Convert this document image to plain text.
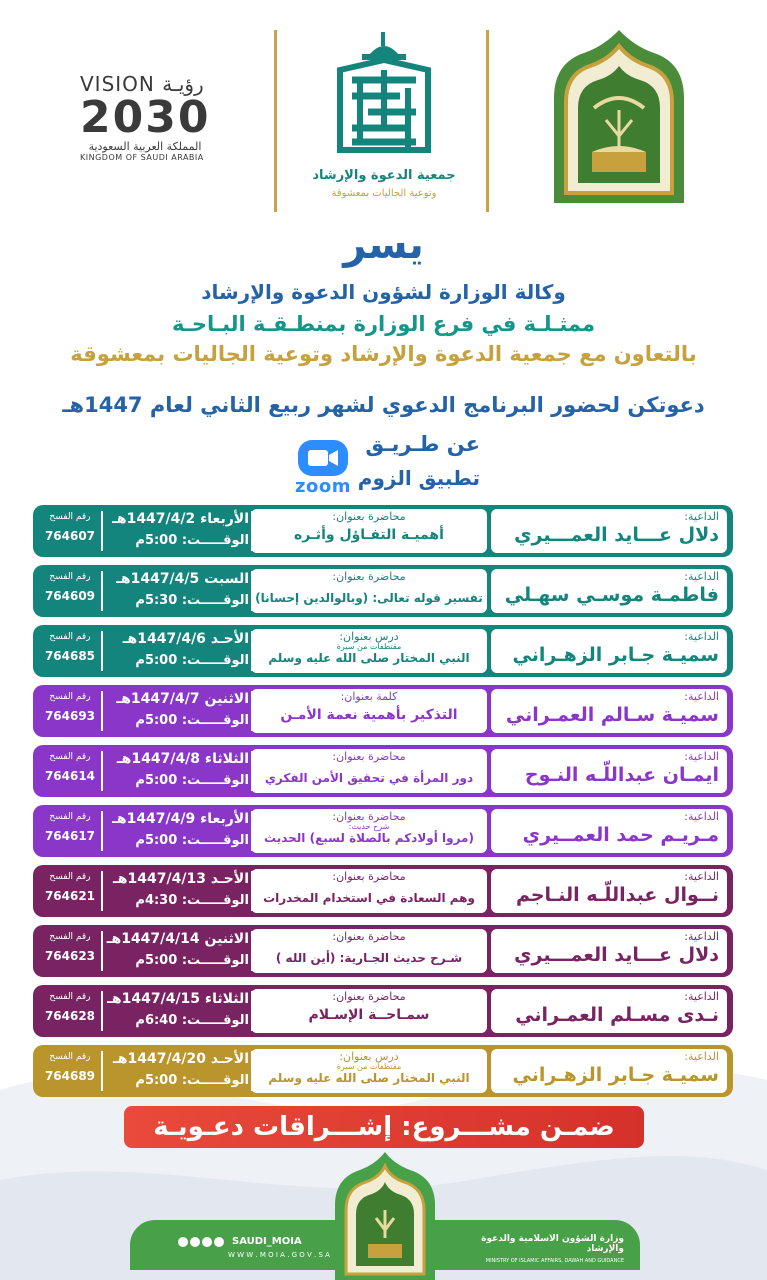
VISION رؤيـة
2030
المملكة العربية السعودية
KINGDOM OF SAUDI ARABIA
جمعية الدعوة والإرشاد
وتوعية الجاليات بمعشوقة
يسر
وكالة الوزارة لشؤون الدعوة والإرشاد
ممثـلـة في فرع الوزارة بمنطـقـة البـاحـة
بالتعاون مع جمعية الدعوة والإرشاد وتوعية الجاليات بمعشوقة
دعوتكن لحضور البرنامج الدعوي لشهر ربيع الثاني لعام 1447هـ
عن طـريـق
تطبيق الزوم
zoom
الداعية:
دلال عـــايد العمـــيري
محاضرة بعنوان:
أهميـة التفـاؤل وأثـره
الأربعاء 1447/4/2هـ
الوقـــــت: 5:00م
رقم الفسح
764607
الداعية:
فاطمـة موسـي سهـلي
محاضرة بعنوان:
تفسير قوله تعالى: (وبالوالدين إحسانا)
السبت 1447/4/5هـ
الوقـــــت: 5:30م
رقم الفسح
764609
الداعية:
سميـة جـابر الزهـراني
درس بعنوان:
مقتطفات من سيرة
النبي المختار صلى الله عليه وسلم
الأحـد 1447/4/6هـ
الوقـــــت: 5:00م
رقم الفسح
764685
الداعية:
سميـة سـالم العمـراني
كلمة بعنوان:
التذكير بأهمية نعمة الأمـن
الاثنين 1447/4/7هـ
الوقـــــت: 5:00م
رقم الفسح
764693
الداعية:
ايمـان عبداللّـه النـوح
محاضرة بعنوان:
دور المرأة في تحقيق الأمن الفكري
الثلاثاء 1447/4/8هـ
الوقـــــت: 5:00م
رقم الفسح
764614
الداعية:
مـريـم حمد العمــيري
محاضرة بعنوان:
شرح حديث:
(مروا أولادكم بالصلاة لسبع) الحديث
الأربعاء 1447/4/9هـ
الوقـــــت: 5:00م
رقم الفسح
764617
الداعية:
نــوال عبداللّـه النـاجم
محاضرة بعنوان:
وهم السعادة في استخدام المخدرات
الأحـد 1447/4/13هـ
الوقـــــت: 4:30م
رقم الفسح
764621
الداعية:
دلال عـــايد العمـــيري
محاضرة بعنوان:
شـرح حديث الجـارية: (أين الله )
الاثنين 1447/4/14هـ
الوقـــــت: 5:00م
رقم الفسح
764623
الداعية:
نـدى مسـلم العمـراني
محاضرة بعنوان:
سمـاحــة الإسـلام
الثلاثاء 1447/4/15هـ
الوقـــــت: 6:40م
رقم الفسح
764628
الداعية:
سميـة جـابر الزهـراني
درس بعنوان:
مقتطفات من سيرة
النبي المختار صلى الله عليه وسلم
الأحـد 1447/4/20هـ
الوقـــــت: 5:00م
رقم الفسح
764689
ضمـن مشـــروع: إشـــراقات دعـويـة
SAUDI_MOIA
W W W . M O I A . G O V . S A
وزارة الشؤون الاسلامية والدعوة والإرشاد
MINISTRY OF ISLAMIC AFFAIRS, DAWAH AND GUIDANCE
